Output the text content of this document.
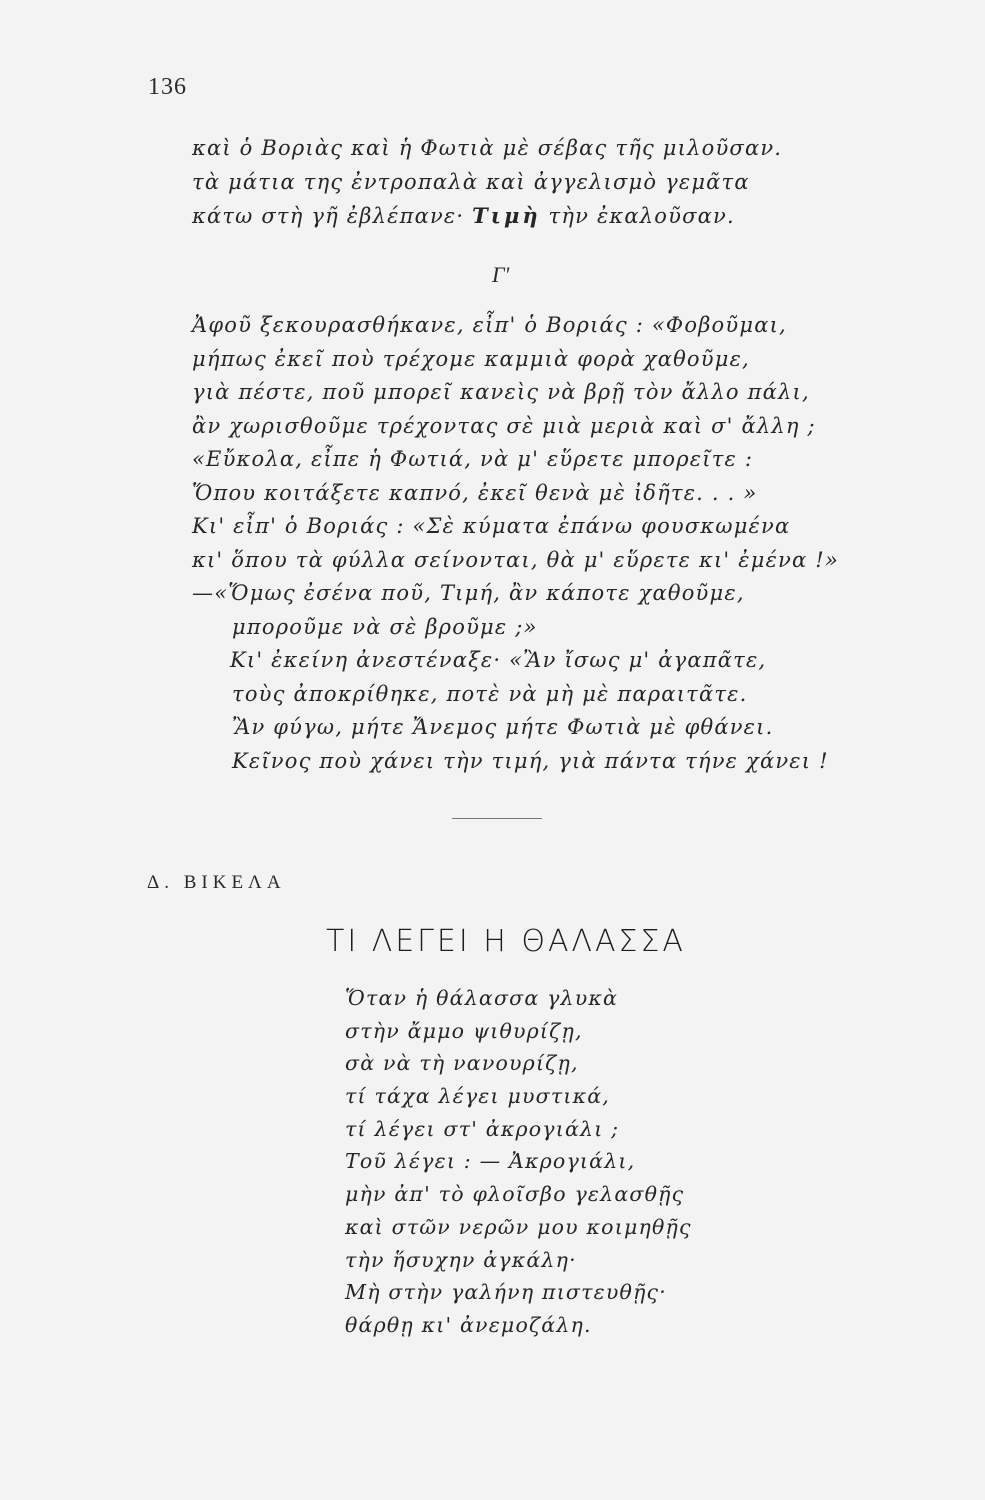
136
καὶ ὁ Βοριὰς καὶ ἡ Φωτιὰ μὲ σέβας τῆς μιλοῦσαν.
τὰ μάτια της ἐντροπαλὰ καὶ ἀγγελισμὸ γεμᾶτα
κάτω στὴ γῆ ἐβλέπανε· Τιμὴ τὴν ἐκαλοῦσαν.
Γ'
Ἀφοῦ ξεκουρασθήκανε, εἶπ' ὁ Βοριάς : «Φοβοῦμαι,
μήπως ἐκεῖ ποὺ τρέχομε καμμιὰ φορὰ χαθοῦμε,
γιὰ πέστε, ποῦ μπορεῖ κανεὶς νὰ βρῇ τὸν ἄλλο πάλι,
ἂν χωρισθοῦμε τρέχοντας σὲ μιὰ μεριὰ καὶ σ' ἄλλη ;
«Εὔκολα, εἶπε ἡ Φωτιά, νὰ μ' εὕρετε μπορεῖτε :
Ὅπου κοιτάξετε καπνό, ἐκεῖ θενὰ μὲ ἰδῆτε. . . »
Κι' εἶπ' ὁ Βοριάς : «Σὲ κύματα ἐπάνω φουσκωμένα
κι' ὅπου τὰ φύλλα σείνονται, θὰ μ' εὕρετε κι' ἐμένα !»
—«Ὅμως ἐσένα ποῦ, Τιμή, ἂν κάποτε χαθοῦμε,
μποροῦμε νὰ σὲ βροῦμε ;»
Κι' ἐκείνη ἀνεστέναξε· «Ἂν ἴσως μ' ἀγαπᾶτε,
τοὺς ἀποκρίθηκε, ποτὲ νὰ μὴ μὲ παραιτᾶτε.
Ἂν φύγω, μήτε Ἄνεμος μήτε Φωτιὰ μὲ φθάνει.
Κεῖνος ποὺ χάνει τὴν τιμή, γιὰ πάντα τήνε χάνει !
Δ. ΒΙΚΕΛΑ
ΤΙ ΛΕΓΕΙ Η ΘΑΛΑΣΣΑ
Ὅταν ἡ θάλασσα γλυκὰ
στὴν ἄμμο ψιθυρίζῃ,
σὰ νὰ τὴ νανουρίζῃ,
τί τάχα λέγει μυστικά,
τί λέγει στ' ἀκρογιάλι ;
Τοῦ λέγει : — Ἀκρογιάλι,
μὴν ἀπ' τὸ φλοῖσβο γελασθῇς
καὶ στῶν νερῶν μου κοιμηθῇς
τὴν ἥσυχην ἀγκάλη·
Μὴ στὴν γαλήνη πιστευθῇς·
θάρθῃ κι' ἀνεμοζάλη.
